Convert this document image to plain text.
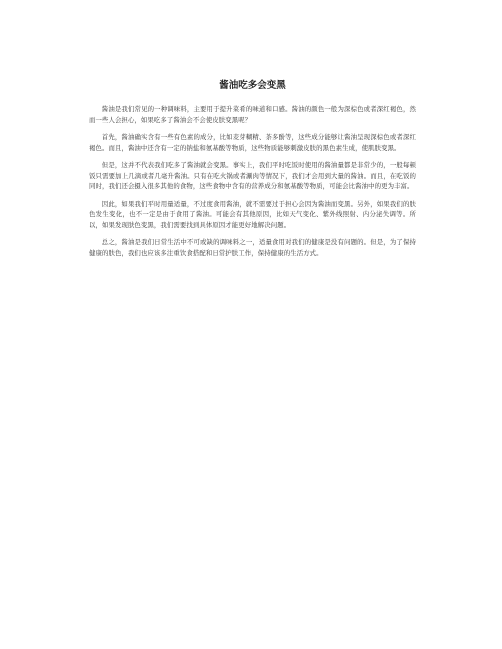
酱油吃多会变黑

酱油是我们常见的一种调味料，主要用于提升菜肴的味道和口感。酱油的颜色一般为深棕色或者深红褐色，然而一些人会担心，如果吃多了酱油会不会使皮肤变黑呢？

首先，酱油确实含有一些有色素的成分，比如麦芽糊精、茶多酚等，这些成分能够让酱油呈现深棕色或者深红褐色。而且，酱油中还含有一定的钠盐和氨基酸等物质，这些物质能够刺激皮肤的黑色素生成，使肌肤变黑。

但是，这并不代表我们吃多了酱油就会变黑。事实上，我们平时吃饭时使用的酱油量都是非常少的，一般每顿饭只需要加上几滴或者几毫升酱油。只有在吃火锅或者涮肉等情况下，我们才会用到大量的酱油。而且，在吃饭的同时，我们还会摄入很多其他的食物，这些食物中含有的营养成分和氨基酸等物质，可能会比酱油中的更为丰富。

因此，如果我们平时用量适量，不过度食用酱油，就不需要过于担心会因为酱油而变黑。另外，如果我们的肤色发生变化，也不一定是由于食用了酱油。可能会有其他原因，比如天气变化、紫外线照射、内分泌失调等。所以，如果发现肤色变黑，我们需要找到具体原因才能更好地解决问题。

总之，酱油是我们日常生活中不可或缺的调味料之一，适量食用对我们的健康是没有问题的。但是，为了保持健康的肤色，我们也应该多注重饮食搭配和日常护肤工作，保持健康的生活方式。
